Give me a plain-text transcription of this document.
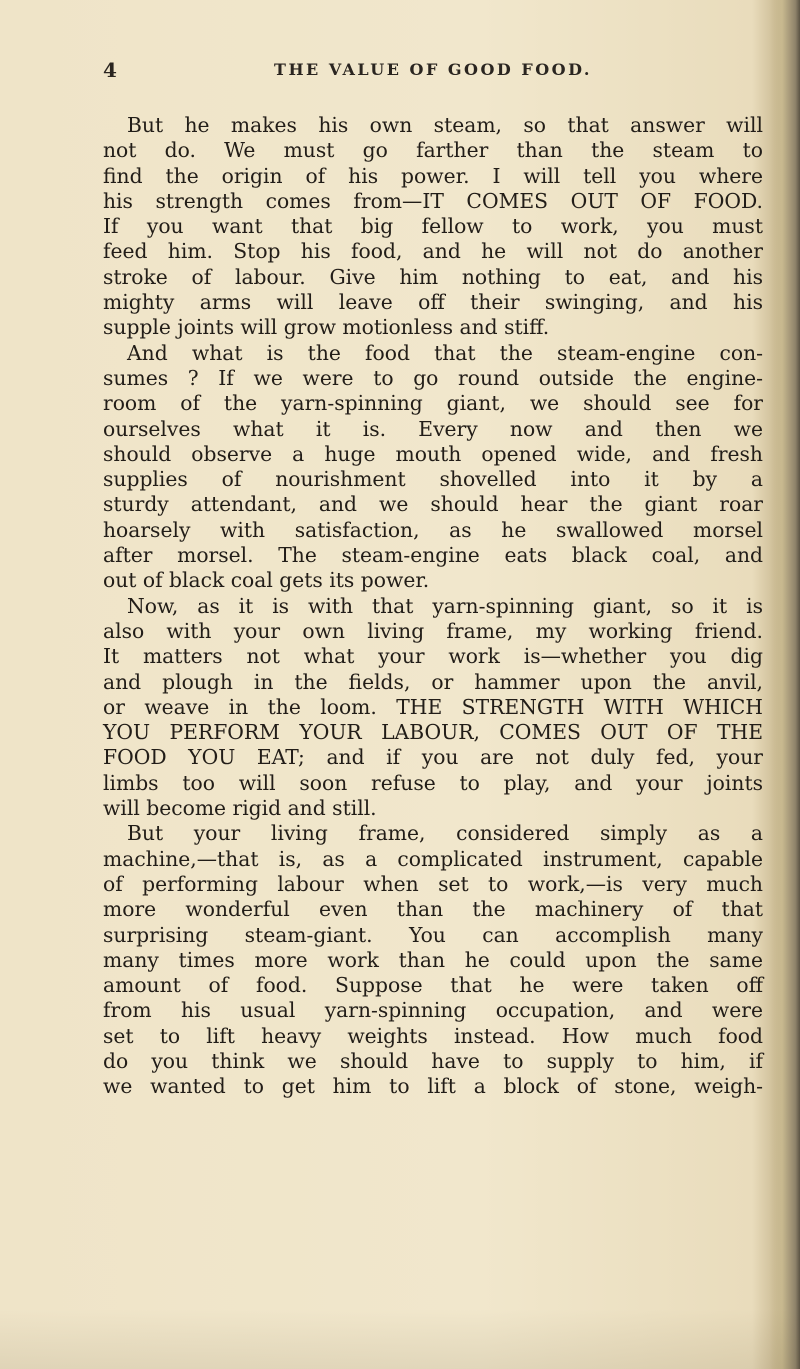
4	THE VALUE OF GOOD FOOD.
But he makes his own steam, so that answer will
not do. We must go farther than the steam to
find the origin of his power. I will tell you where
his strength comes from—IT COMES OUT OF FOOD.
If you want that big fellow to work, you must
feed him. Stop his food, and he will not do another
stroke of labour. Give him nothing to eat, and his
mighty arms will leave off their swinging, and his
supple joints will grow motionless and stiff.
And what is the food that the steam-engine con-
sumes ? If we were to go round outside the engine-
room of the yarn-spinning giant, we should see for
ourselves what it is. Every now and then we
should observe a huge mouth opened wide, and fresh
supplies of nourishment shovelled into it by a
sturdy attendant, and we should hear the giant roar
hoarsely with satisfaction, as he swallowed morsel
after morsel. The steam-engine eats black coal, and
out of black coal gets its power.
Now, as it is with that yarn-spinning giant, so it is
also with your own living frame, my working friend.
It matters not what your work is—whether you dig
and plough in the fields, or hammer upon the anvil,
or weave in the loom. THE STRENGTH WITH WHICH
YOU PERFORM YOUR LABOUR, COMES OUT OF THE
FOOD YOU EAT; and if you are not duly fed, your
limbs too will soon refuse to play, and your joints
will become rigid and still.
But your living frame, considered simply as a
machine,—that is, as a complicated instrument, capable
of performing labour when set to work,—is very much
more wonderful even than the machinery of that
surprising steam-giant. You can accomplish many
many times more work than he could upon the same
amount of food. Suppose that he were taken off
from his usual yarn-spinning occupation, and were
set to lift heavy weights instead. How much food
do you think we should have to supply to him, if
we wanted to get him to lift a block of stone, weigh-
